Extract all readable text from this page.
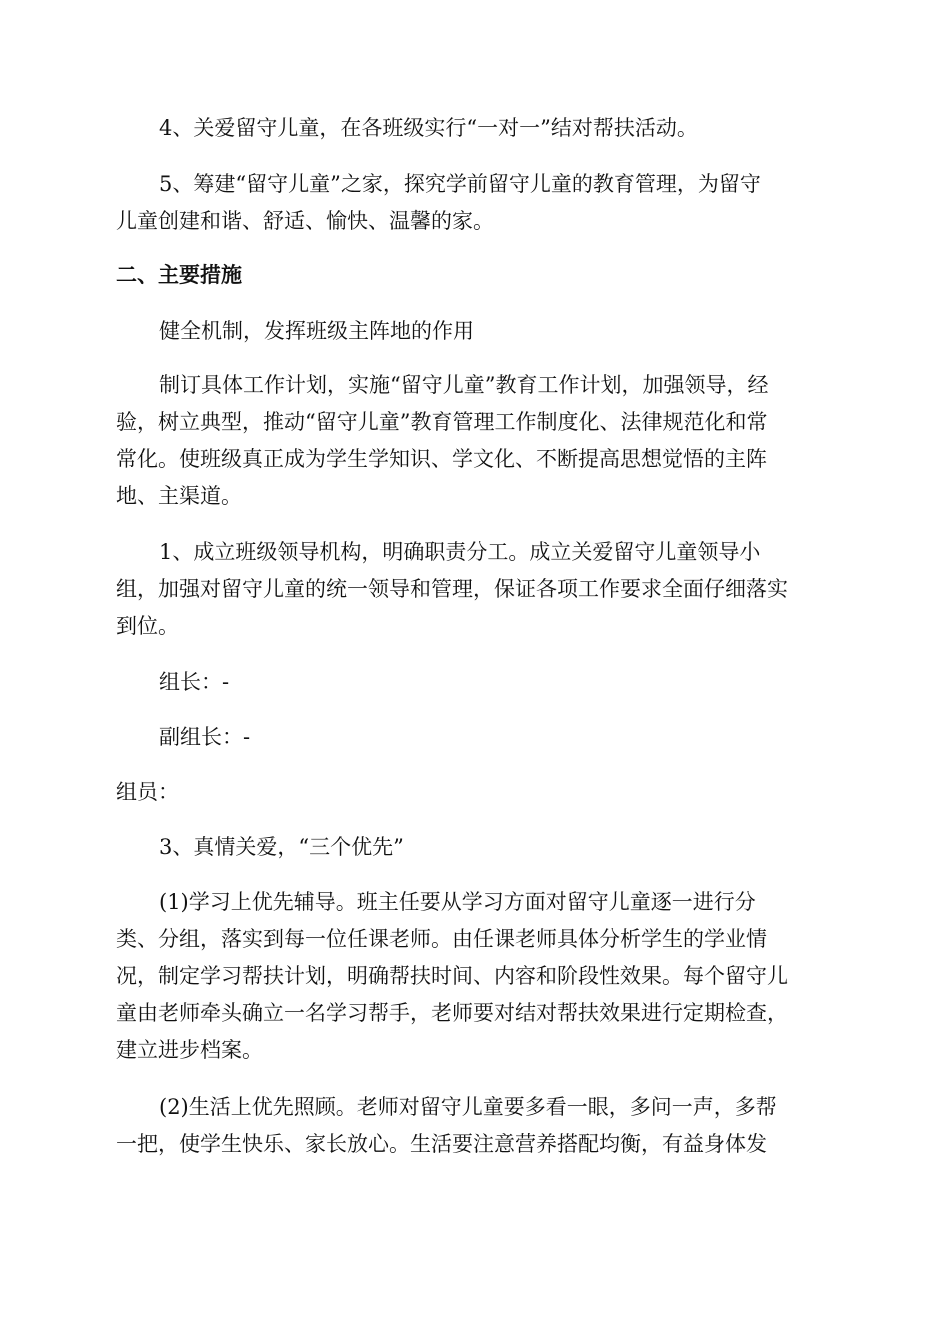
4、关爱留守儿童，在各班级实行“一对一”结对帮扶活动。

5、筹建“留守儿童”之家，探究学前留守儿童的教育管理，为留守
儿童创建和谐、舒适、愉快、温馨的家。

二、主要措施

健全机制，发挥班级主阵地的作用

制订具体工作计划，实施“留守儿童”教育工作计划，加强领导，经
验，树立典型，推动“留守儿童”教育管理工作制度化、法律规范化和常
常化。使班级真正成为学生学知识、学文化、不断提高思想觉悟的主阵
地、主渠道。

1、成立班级领导机构，明确职责分工。成立关爱留守儿童领导小
组，加强对留守儿童的统一领导和管理，保证各项工作要求全面仔细落实
到位。

组长：-

副组长：-

组员：

3、真情关爱，“三个优先”

(1)学习上优先辅导。班主任要从学习方面对留守儿童逐一进行分
类、分组，落实到每一位任课老师。由任课老师具体分析学生的学业情
况，制定学习帮扶计划，明确帮扶时间、内容和阶段性效果。每个留守儿
童由老师牵头确立一名学习帮手，老师要对结对帮扶效果进行定期检查，
建立进步档案。

(2)生活上优先照顾。老师对留守儿童要多看一眼，多问一声，多帮
一把，使学生快乐、家长放心。生活要注意营养搭配均衡，有益身体发
